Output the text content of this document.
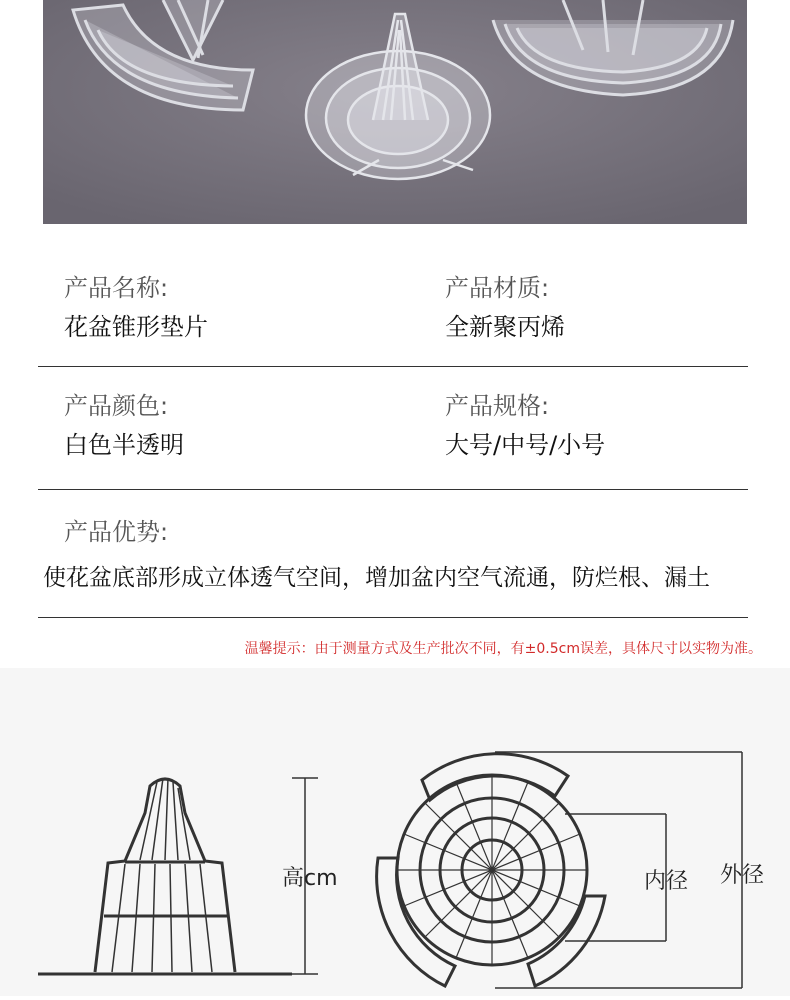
产品名称:
花盆锥形垫片
产品材质:
全新聚丙烯
产品颜色:
白色半透明
产品规格:
大号/中号/小号
产品优势:
使花盆底部形成立体透气空间，增加盆内空气流通，防烂根、漏土
温馨提示：由于测量方式及生产批次不同，有±0.5cm误差，具体尺寸以实物为准。
高cm	内径 外径
